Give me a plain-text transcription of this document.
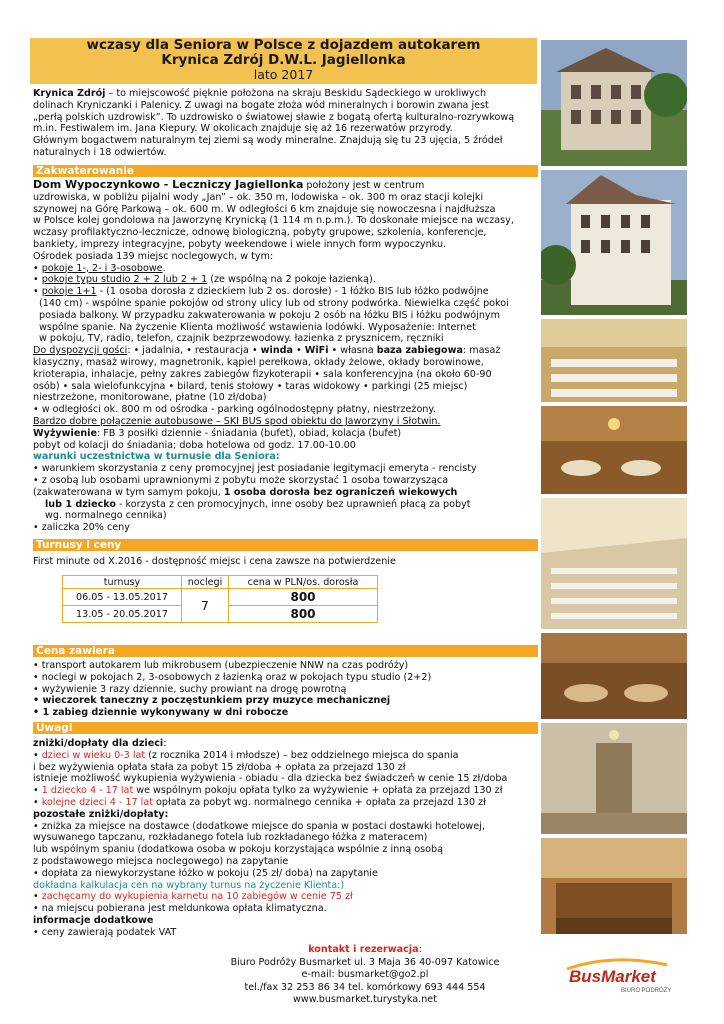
wczasy dla Seniora w Polsce z dojazdem autokarem
Krynica Zdrój D.W.L. Jagiellonka
lato 2017

Krynica Zdrój – to miejscowość pięknie położona na skraju Beskidu Sądeckiego w urokliwych

dolinach Kryniczanki i Palenicy. Z uwagi na bogate złoża wód mineralnych i borowin zwana jest

„perłą polskich uzdrowisk”. To uzdrowisko o światowej sławie z bogatą ofertą kulturalno-rozrywkową

m.in. Festiwalem im. Jana Kiepury. W okolicach znajduje się aż 16 rezerwatów przyrody.

Głównym bogactwem naturalnym tej ziemi są wody mineralne. Znajdują się tu 23 ujęcia, 5 źródeł

naturalnych i 18 odwiertów.

Zakwaterowanie

Dom Wypoczynkowo - Leczniczy Jagiellonka położony jest w centrum

uzdrowiska, w pobliżu pijalni wody „Jan” – ok. 350 m, lodowiska – ok. 300 m oraz stacji kolejki

szynowej na Górę Parkową – ok. 600 m. W odległości 6 km znajduje się nowoczesna i najdłuższa

w Polsce kolej gondolowa na Jaworzynę Krynicką (1 114 m n.p.m.). To doskonałe miejsce na wczasy,

wczasy profilaktyczno-lecznicze, odnowę biologiczną, pobyty grupowe, szkolenia, konferencje,

bankiety, imprezy integracyjne, pobyty weekendowe i wiele innych form wypoczynku.

Ośrodek posiada 139 miejsc noclegowych, w tym:

• pokoje 1-, 2- i 3-osobowe.

• pokoje typu studio 2 + 2 lub 2 + 1 (ze wspólną na 2 pokoje łazienką).

• pokoje 1+1 - (1 osoba dorosła z dzieckiem lub 2 os. dorosłe) - 1 łóżko BIS lub łóżko podwójne

(140 cm) - wspólne spanie pokojów od strony ulicy lub od strony podwórka. Niewielka część pokoi

posiada balkony. W przypadku zakwaterowania w pokoju 2 osób na łóżku BIS i łóżku podwójnym

wspólne spanie. Na życzenie Klienta możliwość wstawienia lodówki. Wyposażenie: Internet

w pokoju, TV, radio, telefon, czajnik bezprzewodowy. łazienka z prysznicem, ręczniki

Do dyspozycji gości: • jadalnia, • restauracja • winda • WiFi • własna baza zabiegowa: masaż

klasyczny, masaż wirowy, magnetronik, kąpiel perełkowa, okłady żelowe, okłady borowinowe,

krioterapia, inhalacje, pełny zakres zabiegów fizykoterapii • sala konferencyjna (na około 60-90

osób) • sala wielofunkcyjna • bilard, tenis stołowy • taras widokowy • parkingi (25 miejsc)

niestrzeżone, monitorowane, płatne (10 zł/doba)

• w odległości ok. 800 m od ośrodka - parking ogólnodostępny płatny, niestrzeżony.

Bardzo dobre połączenie autobusowe – SKI BUS spod obiektu do Jaworzyny i Słotwin.

Wyżywienie: FB 3 posiłki dziennie - śniadania (bufet), obiad, kolacja (bufet)

pobyt od kolacji do śniadania; doba hotelowa od godz. 17.00-10.00

warunki uczestnictwa w turnusie dla Seniora:

• warunkiem skorzystania z ceny promocyjnej jest posiadanie legitymacji emeryta - rencisty

• z osobą lub osobami uprawnionymi z pobytu może skorzystać 1 osoba towarzysząca

(zakwaterowana w tym samym pokoju, 1 osoba dorosła bez ograniczeń wiekowych

lub 1 dziecko - korzysta z cen promocyjnych, inne osoby bez uprawnień płacą za pobyt

wg. normalnego cennika)

• zaliczka 20% ceny

Turnusy i ceny
First minute od X.2016 - dostępność miejsc i cena zawsze na potwierdzenie
turnusy	noclegi	cena w PLN/os. dorosła
06.05 - 13.05.2017	7	800
13.05 - 20.05.2017		800
Cena zawiera

• transport autokarem lub mikrobusem (ubezpieczenie NNW na czas podróży)

• noclegi w pokojach 2, 3-osobowych z łazienką oraz w pokojach typu studio (2+2)

• wyżywienie 3 razy dziennie, suchy prowiant na drogę powrotną

• wieczorek taneczny z poczęstunkiem przy muzyce mechanicznej

• 1 zabieg dziennie wykonywany w dni robocze

Uwagi

zniżki/dopłaty dla dzieci:

• dzieci w wieku 0-3 lat (z rocznika 2014 i młodsze) – bez oddzielnego miejsca do spania

i bez wyżywienia opłata stała za pobyt 15 zł/doba + opłata za przejazd 130 zł

istnieje możliwość wykupienia wyżywienia - obiadu - dla dziecka bez świadczeń w cenie 15 zł/doba

• 1 dziecko 4 - 17 lat we wspólnym pokoju opłata tylko za wyżywienie + opłata za przejazd 130 zł

• kolejne dzieci 4 - 17 lat opłata za pobyt wg. normalnego cennika + opłata za przejazd 130 zł

pozostałe zniżki/dopłaty:

• zniżka za miejsce na dostawce (dodatkowe miejsce do spania w postaci dostawki hotelowej,

wysuwanego tapczanu, rozkładanego fotela lub rozkładanego łóżka z materacem)

lub wspólnym spaniu (dodatkowa osoba w pokoju korzystająca wspólnie z inną osobą

z podstawowego miejsca noclegowego) na zapytanie

• dopłata za niewykorzystane łóżko w pokoju (25 zł/ doba) na zapytanie

dokładna kalkulacja cen na wybrany turnus na życzenie Klienta:)

• zachęcamy do wykupienia karnetu na 10 zabiegów w cenie 75 zł

• na miejscu pobierana jest meldunkowa opłata klimatyczna.

informacje dodatkowe

• ceny zawierają podatek VAT

kontakt i rezerwacja:

Biuro Podróży Busmarket ul. 3 Maja 36 40-097 Katowice

e-mail: busmarket@go2.pl

tel./fax 32 253 86 34 tel. komórkowy 693 444 554

www.busmarket.turystyka.net

BusMarket
BIURO PODRÓŻY
